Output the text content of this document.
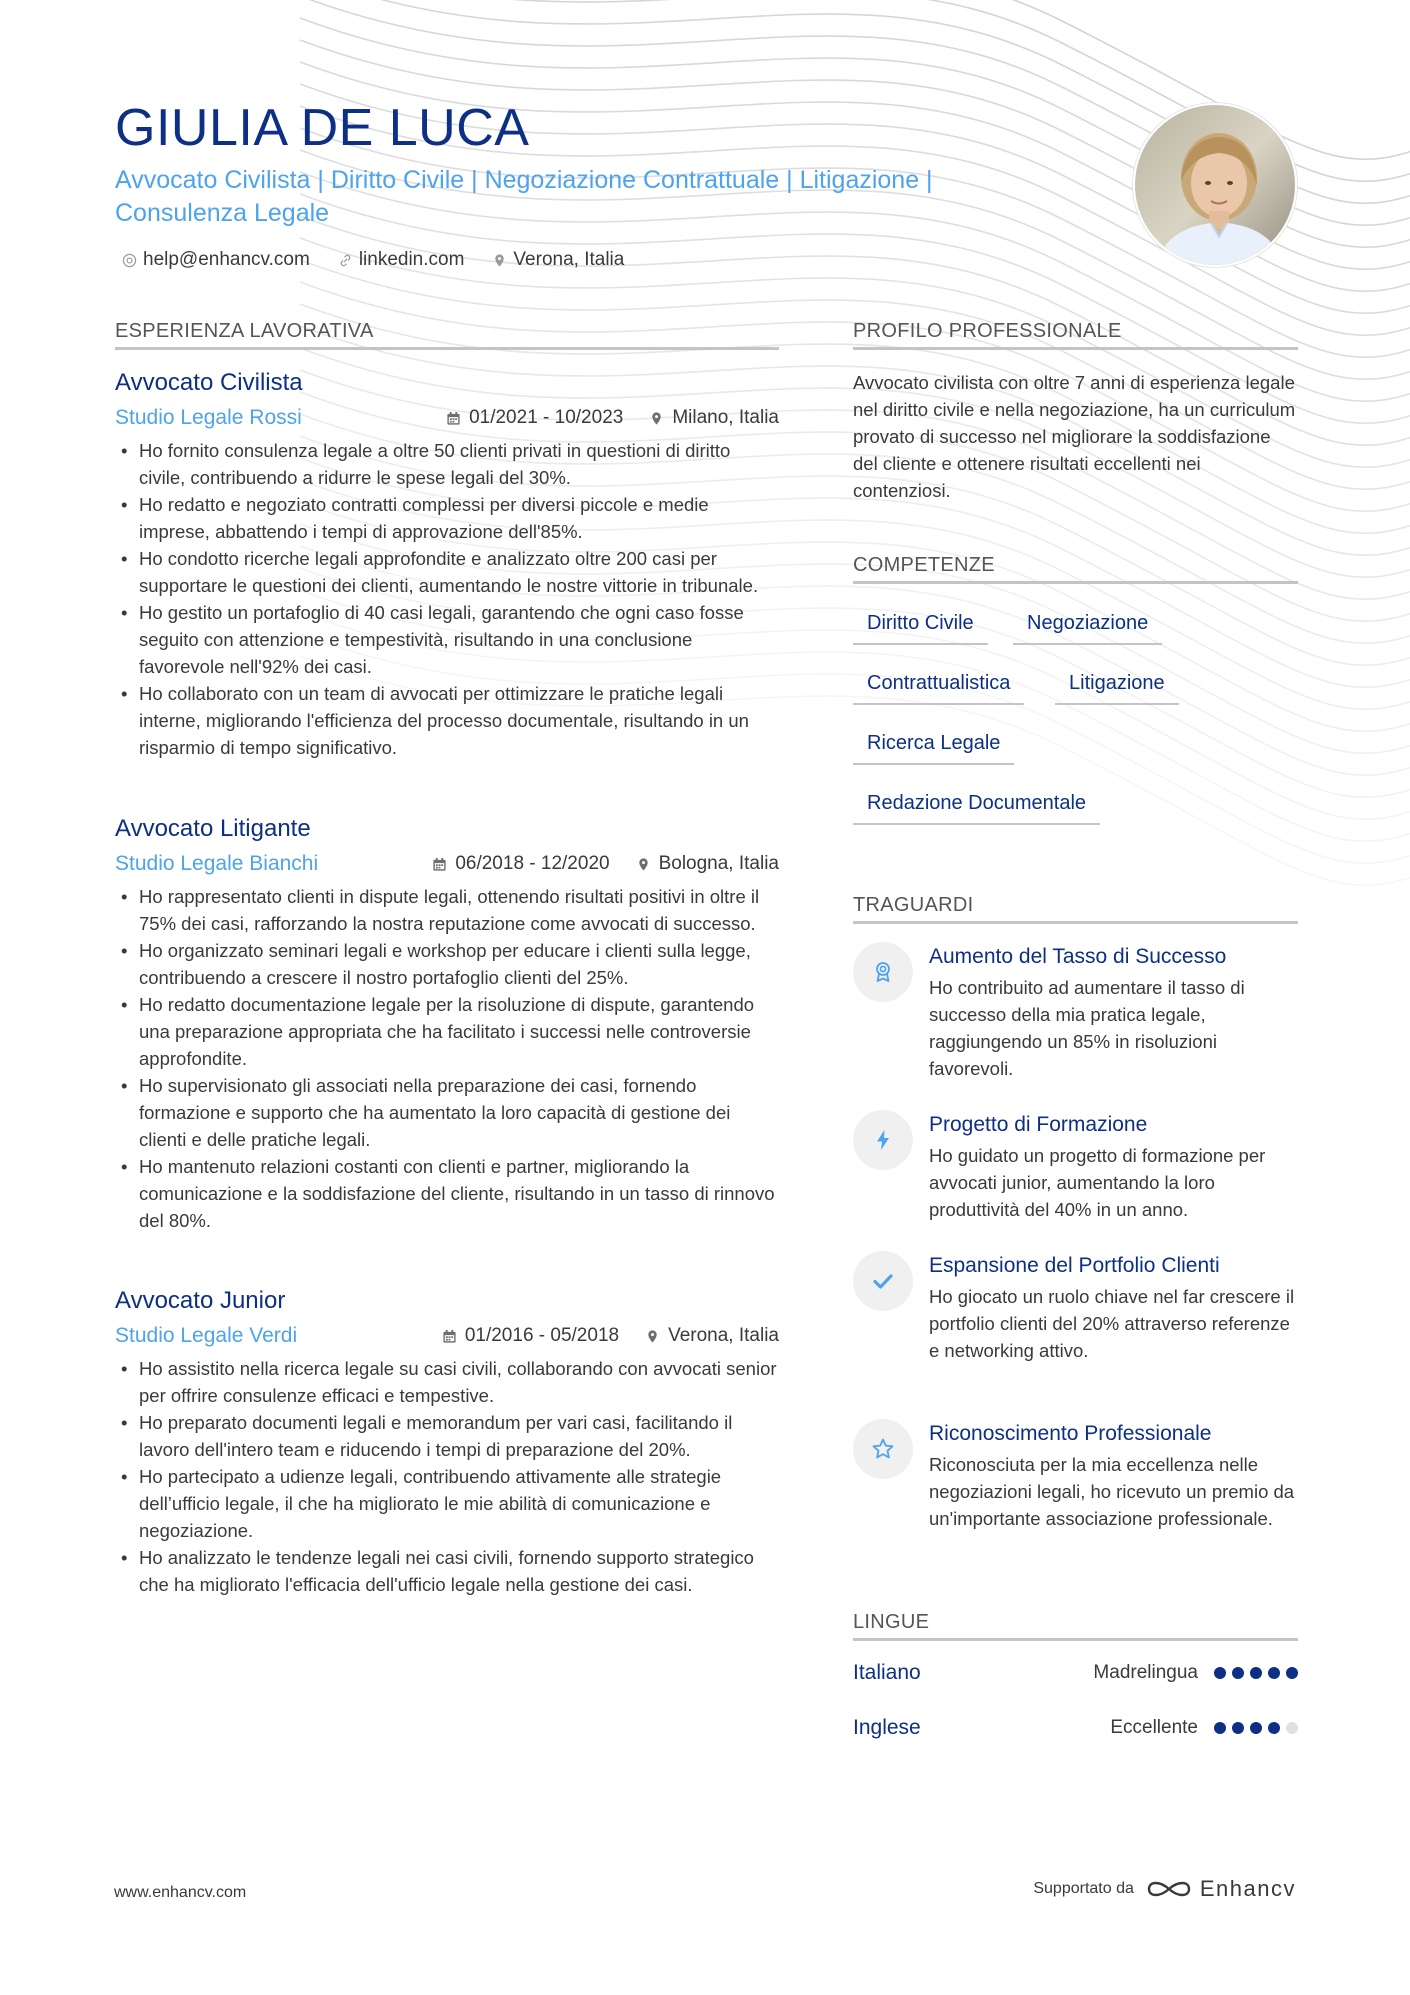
GIULIA DE LUCA
Avvocato Civilista | Diritto Civile | Negoziazione Contrattuale | Litigazione | Consulenza Legale
help@enhancv.com	linkedin.com	Verona, Italia
ESPERIENZA LAVORATIVA
Avvocato Civilista
Studio Legale Rossi	01/2021 - 10/2023	Milano, Italia
• Ho fornito consulenza legale a oltre 50 clienti privati in questioni di diritto civile, contribuendo a ridurre le spese legali del 30%.
• Ho redatto e negoziato contratti complessi per diversi piccole e medie imprese, abbattendo i tempi di approvazione dell'85%.
• Ho condotto ricerche legali approfondite e analizzato oltre 200 casi per supportare le questioni dei clienti, aumentando le nostre vittorie in tribunale.
• Ho gestito un portafoglio di 40 casi legali, garantendo che ogni caso fosse seguito con attenzione e tempestività, risultando in una conclusione favorevole nell'92% dei casi.
• Ho collaborato con un team di avvocati per ottimizzare le pratiche legali interne, migliorando l'efficienza del processo documentale, risultando in un risparmio di tempo significativo.
Avvocato Litigante
Studio Legale Bianchi	06/2018 - 12/2020	Bologna, Italia
• Ho rappresentato clienti in dispute legali, ottenendo risultati positivi in oltre il 75% dei casi, rafforzando la nostra reputazione come avvocati di successo.
• Ho organizzato seminari legali e workshop per educare i clienti sulla legge, contribuendo a crescere il nostro portafoglio clienti del 25%.
• Ho redatto documentazione legale per la risoluzione di dispute, garantendo una preparazione appropriata che ha facilitato i successi nelle controversie approfondite.
• Ho supervisionato gli associati nella preparazione dei casi, fornendo formazione e supporto che ha aumentato la loro capacità di gestione dei clienti e delle pratiche legali.
• Ho mantenuto relazioni costanti con clienti e partner, migliorando la comunicazione e la soddisfazione del cliente, risultando in un tasso di rinnovo del 80%.
Avvocato Junior
Studio Legale Verdi	01/2016 - 05/2018	Verona, Italia
• Ho assistito nella ricerca legale su casi civili, collaborando con avvocati senior per offrire consulenze efficaci e tempestive.
• Ho preparato documenti legali e memorandum per vari casi, facilitando il lavoro dell'intero team e riducendo i tempi di preparazione del 20%.
• Ho partecipato a udienze legali, contribuendo attivamente alle strategie dell’ufficio legale, il che ha migliorato le mie abilità di comunicazione e negoziazione.
• Ho analizzato le tendenze legali nei casi civili, fornendo supporto strategico che ha migliorato l'efficacia dell'ufficio legale nella gestione dei casi.
PROFILO PROFESSIONALE
Avvocato civilista con oltre 7 anni di esperienza legale nel diritto civile e nella negoziazione, ha un curriculum provato di successo nel migliorare la soddisfazione del cliente e ottenere risultati eccellenti nei contenziosi.
COMPETENZE
Diritto Civile	Negoziazione
Contrattualistica	Litigazione
Ricerca Legale
Redazione Documentale
TRAGUARDI
Aumento del Tasso di Successo
Ho contribuito ad aumentare il tasso di successo della mia pratica legale, raggiungendo un 85% in risoluzioni favorevoli.
Progetto di Formazione
Ho guidato un progetto di formazione per avvocati junior, aumentando la loro produttività del 40% in un anno.
Espansione del Portfolio Clienti
Ho giocato un ruolo chiave nel far crescere il portfolio clienti del 20% attraverso referenze e networking attivo.
Riconoscimento Professionale
Riconosciuta per la mia eccellenza nelle negoziazioni legali, ho ricevuto un premio da un'importante associazione professionale.
LINGUE
Italiano	Madrelingua
Inglese	Eccellente
www.enhancv.com	Supportato da	Enhancv
